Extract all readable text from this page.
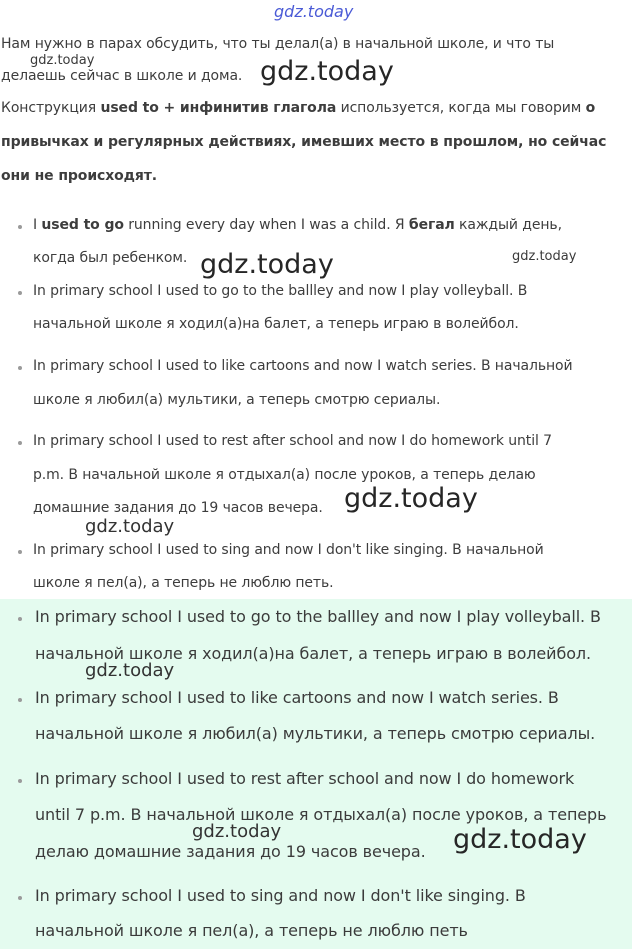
gdz.today
gdz.today	gdz.today
gdz.today	gdz.today
gdz.today
gdz.today
Нам нужно в парах обсудить, что ты делал(а) в начальной школе, и что ты
делаешь сейчас в школе и дома.
Конструкция used to + инфинитив глагола используется, когда мы говорим о
привычках и регулярных действиях, имевших место в прошлом, но сейчас
они не происходят.
I used to go running every day when I was a child. Я бегал каждый день,
когда был ребенком.
In primary school I used to go to the ballley and now I play volleyball. В
начальной школе я ходил(а)на балет, а теперь играю в волейбол.
In primary school I used to like cartoons and now I watch series. В начальной
школе я любил(а) мультики, а теперь смотрю сериалы.
In primary school I used to rest after school and now I do homework until 7
p.m. В начальной школе я отдыхал(а) после уроков, а теперь делаю
домашние задания до 19 часов вечера.
In primary school I used to sing and now I don't like singing. В начальной
школе я пел(а), а теперь не люблю петь.
In primary school I used to go to the ballley and now I play volleyball. В
начальной школе я ходил(а)на балет, а теперь играю в волейбол.
gdz.today
In primary school I used to like cartoons and now I watch series. В
начальной школе я любил(а) мультики, а теперь смотрю сериалы.
In primary school I used to rest after school and now I do homework
until 7 p.m. В начальной школе я отдыхал(а) после уроков, а теперь
gdz.today
делаю домашние задания до 19 часов вечера. gdz.today
In primary school I used to sing and now I don't like singing. В
начальной школе я пел(а), а теперь не люблю петь
